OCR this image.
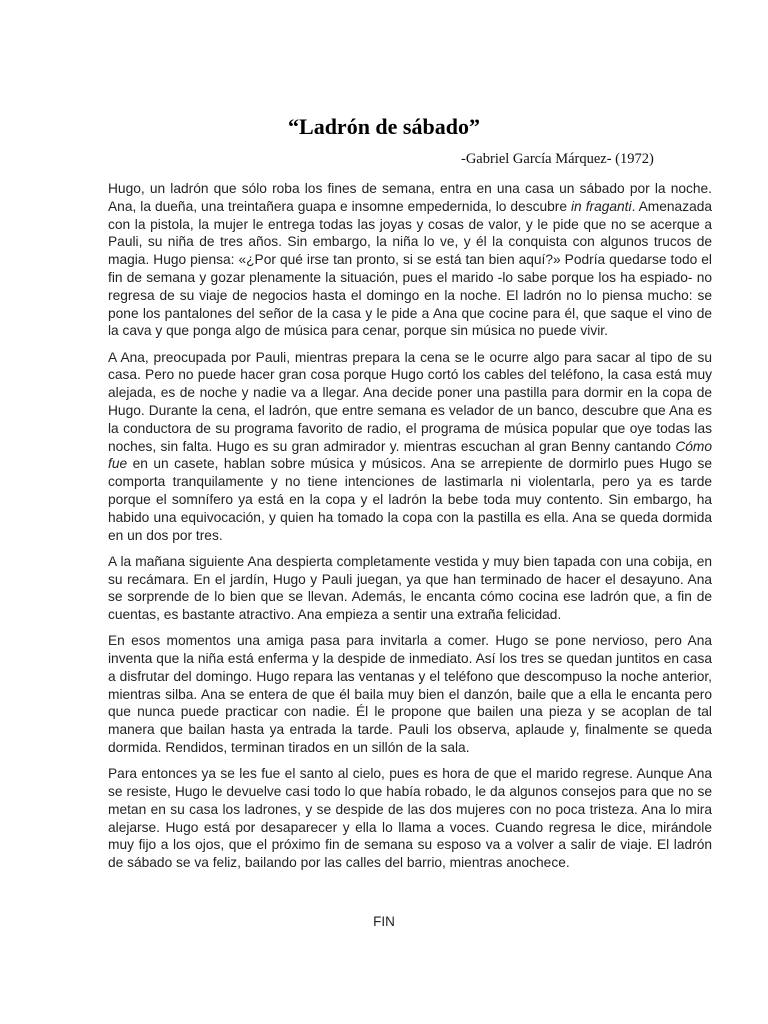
“Ladrón de sábado”
-Gabriel García Márquez- (1972)

Hugo, un ladrón que sólo roba los fines de semana, entra en una casa un sábado por la noche. Ana, la dueña, una treintañera guapa e insomne empedernida, lo descubre in fraganti. Amenazada con la pistola, la mujer le entrega todas las joyas y cosas de valor, y le pide que no se acerque a Pauli, su niña de tres años. Sin embargo, la niña lo ve, y él la conquista con algunos trucos de magia. Hugo piensa: «¿Por qué irse tan pronto, si se está tan bien aquí?» Podría quedarse todo el fin de semana y gozar plenamente la situación, pues el marido -lo sabe porque los ha espiado- no regresa de su viaje de negocios hasta el domingo en la noche. El ladrón no lo piensa mucho: se pone los pantalones del señor de la casa y le pide a Ana que cocine para él, que saque el vino de la cava y que ponga algo de música para cenar, porque sin música no puede vivir.

A Ana, preocupada por Pauli, mientras prepara la cena se le ocurre algo para sacar al tipo de su casa. Pero no puede hacer gran cosa porque Hugo cortó los cables del teléfono, la casa está muy alejada, es de noche y nadie va a llegar. Ana decide poner una pastilla para dormir en la copa de Hugo. Durante la cena, el ladrón, que entre semana es velador de un banco, descubre que Ana es la conductora de su programa favorito de radio, el programa de música popular que oye todas las noches, sin falta. Hugo es su gran admirador y. mientras escuchan al gran Benny cantando Cómo fue en un casete, hablan sobre música y músicos. Ana se arrepiente de dormirlo pues Hugo se comporta tranquilamente y no tiene intenciones de lastimarla ni violentarla, pero ya es tarde porque el somnífero ya está en la copa y el ladrón la bebe toda muy contento. Sin embargo, ha habido una equivocación, y quien ha tomado la copa con la pastilla es ella. Ana se queda dormida en un dos por tres.

A la mañana siguiente Ana despierta completamente vestida y muy bien tapada con una cobija, en su recámara. En el jardín, Hugo y Pauli juegan, ya que han terminado de hacer el desayuno. Ana se sorprende de lo bien que se llevan. Además, le encanta cómo cocina ese ladrón que, a fin de cuentas, es bastante atractivo. Ana empieza a sentir una extraña felicidad.

En esos momentos una amiga pasa para invitarla a comer. Hugo se pone nervioso, pero Ana inventa que la niña está enferma y la despide de inmediato. Así los tres se quedan juntitos en casa a disfrutar del domingo. Hugo repara las ventanas y el teléfono que descompuso la noche anterior, mientras silba. Ana se entera de que él baila muy bien el danzón, baile que a ella le encanta pero que nunca puede practicar con nadie. Él le propone que bailen una pieza y se acoplan de tal manera que bailan hasta ya entrada la tarde. Pauli los observa, aplaude y, finalmente se queda dormida. Rendidos, terminan tirados en un sillón de la sala.

Para entonces ya se les fue el santo al cielo, pues es hora de que el marido regrese. Aunque Ana se resiste, Hugo le devuelve casi todo lo que había robado, le da algunos consejos para que no se metan en su casa los ladrones, y se despide de las dos mujeres con no poca tristeza. Ana lo mira alejarse. Hugo está por desaparecer y ella lo llama a voces. Cuando regresa le dice, mirándole muy fijo a los ojos, que el próximo fin de semana su esposo va a volver a salir de viaje. El ladrón de sábado se va feliz, bailando por las calles del barrio, mientras anochece.

FIN
